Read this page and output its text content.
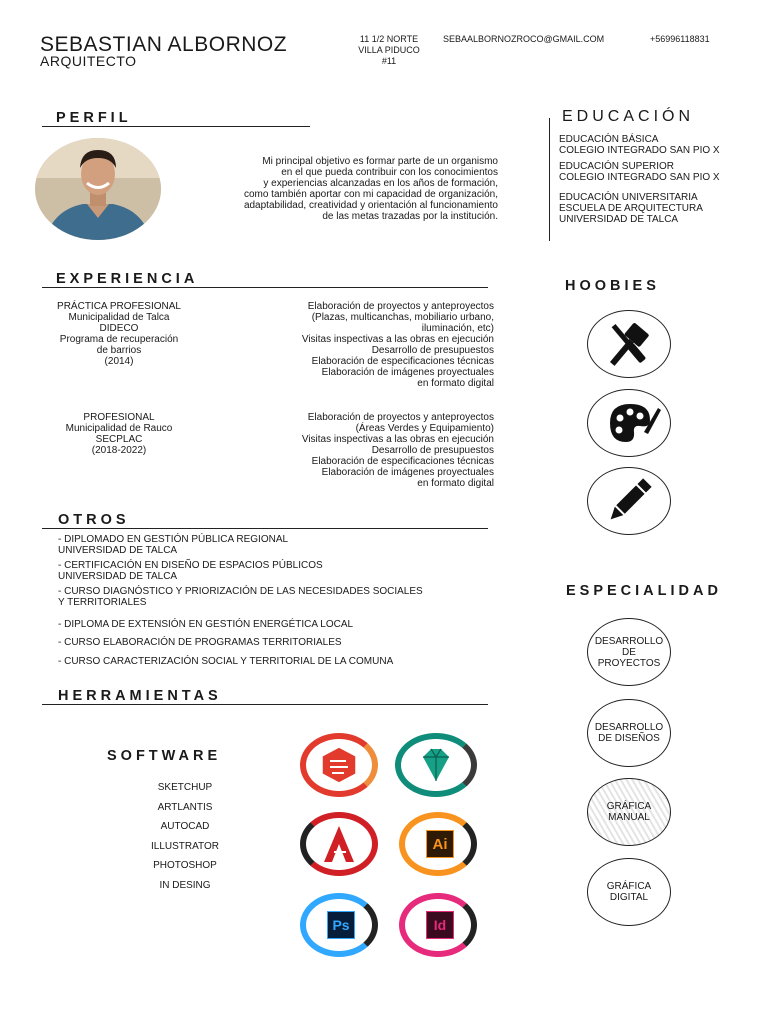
SEBASTIAN ALBORNOZ
ARQUITECTO
11 1/2 NORTE
VILLA PIDUCO
#11
SEBAALBORNOZROCO@GMAIL.COM	+56996118831
PERFIL
Mi principal objetivo es formar parte de un organismo
en el que pueda contribuir con los conocimientos
y experiencias alcanzadas en los años de formación,
como también aportar con mi capacidad de organización,
adaptabilidad, creatividad y orientación al funcionamiento
de las metas trazadas por la institución.
EDUCACIÓN
EDUCACIÓN BÁSICA
COLEGIO INTEGRADO SAN PIO X
EDUCACIÓN SUPERIOR
COLEGIO INTEGRADO SAN PIO X
EDUCACIÓN UNIVERSITARIA
ESCUELA DE ARQUITECTURA
UNIVERSIDAD DE TALCA
EXPERIENCIA
PRÁCTICA PROFESIONAL
Municipalidad de Talca
DIDECO
Programa de recuperación
de barrios
(2014)
Elaboración de proyectos y anteproyectos
(Plazas, multicanchas, mobiliario urbano,
iluminación, etc)
Visitas inspectivas a las obras en ejecución
Desarrollo de presupuestos
Elaboración de especificaciones técnicas
Elaboración de imágenes proyectuales
en formato digital
PROFESIONAL
Municipalidad de Rauco
SECPLAC
(2018-2022)
Elaboración de proyectos y anteproyectos
(Áreas Verdes y Equipamiento)
Visitas inspectivas a las obras en ejecución
Desarrollo de presupuestos
Elaboración de especificaciones técnicas
Elaboración de imágenes proyectuales
en formato digital
HOOBIES
OTROS
- DIPLOMADO EN GESTIÓN PÚBLICA REGIONAL
UNIVERSIDAD DE TALCA
- CERTIFICACIÓN EN DISEÑO DE ESPACIOS PÚBLICOS
UNIVERSIDAD DE TALCA
- CURSO DIAGNÓSTICO Y PRIORIZACIÓN DE LAS NECESIDADES SOCIALES
Y TERRITORIALES
- DIPLOMA DE EXTENSIÓN EN GESTIÓN ENERGÉTICA LOCAL
- CURSO ELABORACIÓN DE PROGRAMAS TERRITORIALES
- CURSO CARACTERIZACIÓN SOCIAL Y TERRITORIAL DE LA COMUNA
ESPECIALIDAD
DESARROLLO
DE
PROYECTOS
DESARROLLO
DE DISEÑOS
GRÁFICA
MANUAL
GRÁFICA
DIGITAL
HERRAMIENTAS
SOFTWARE
SKETCHUP
ARTLANTIS
AUTOCAD
ILLUSTRATOR
PHOTOSHOP
IN DESING
Ai
Ps	Id
